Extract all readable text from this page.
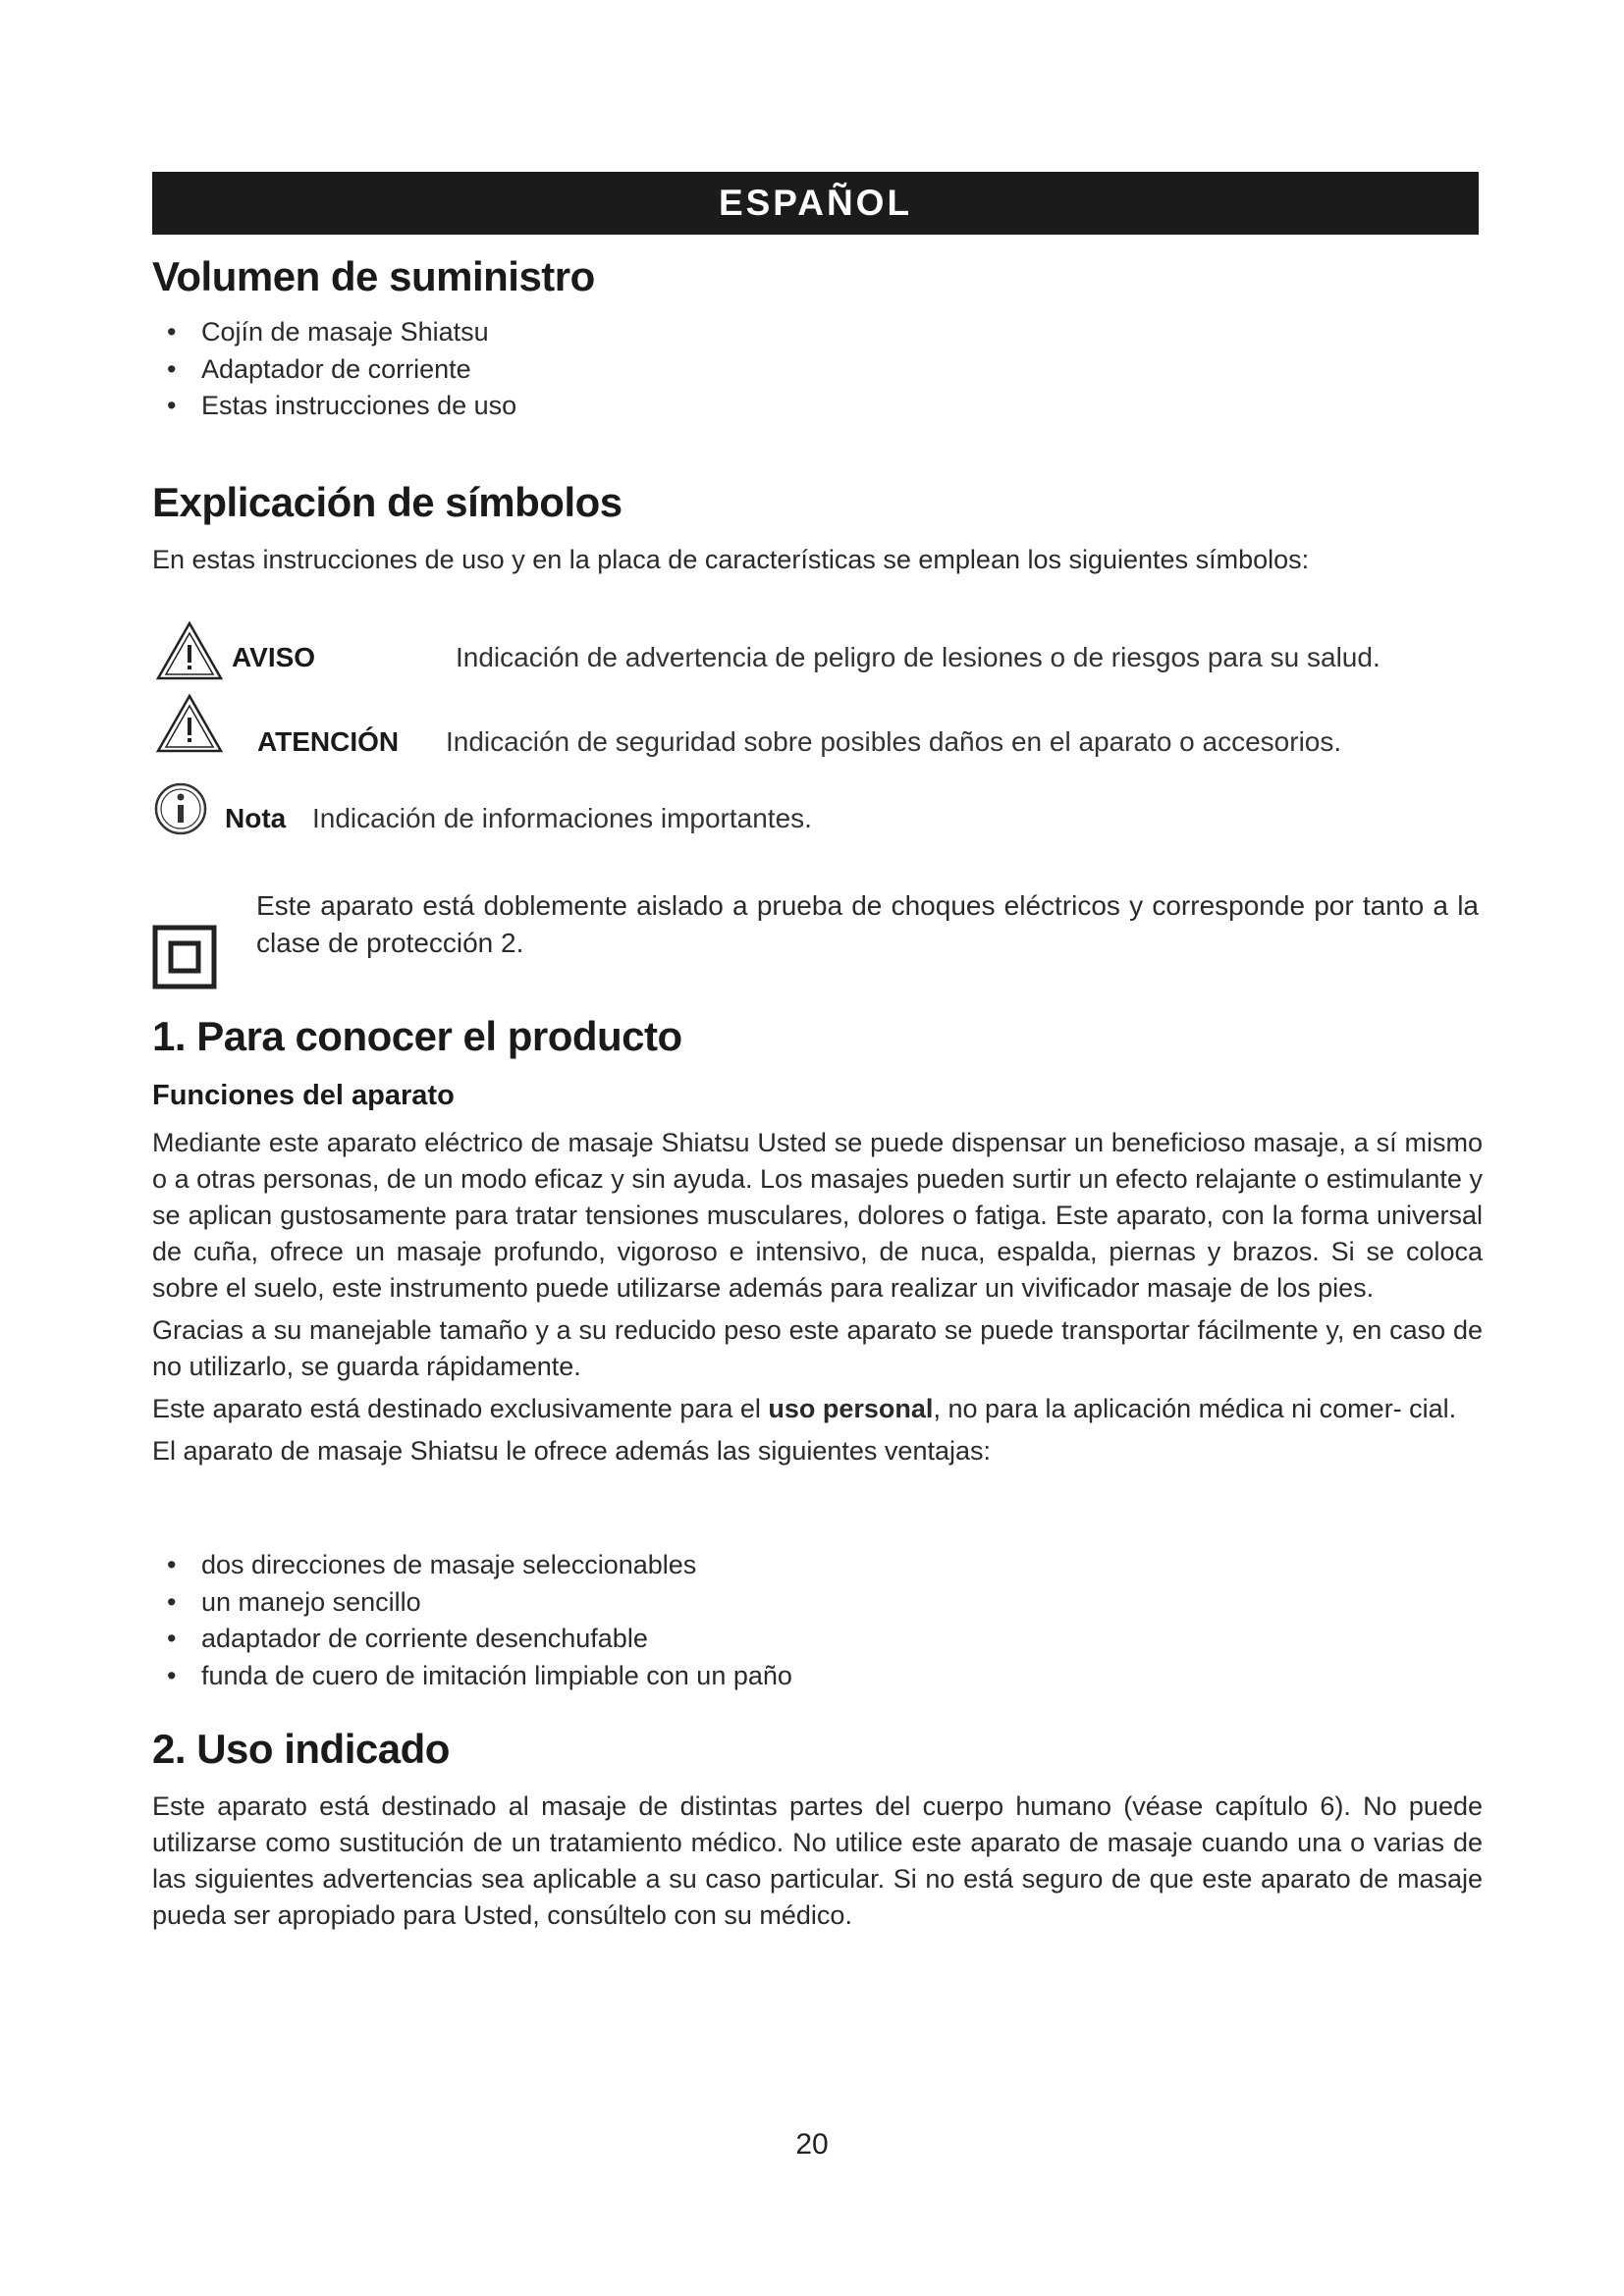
ESPAÑOL
Volumen de suministro
• Cojín de masaje Shiatsu
• Adaptador de corriente
• Estas instrucciones de uso
Explicación de símbolos
En estas instrucciones de uso y en la placa de características se emplean los siguientes símbolos:
AVISO	Indicación de advertencia de peligro de lesiones o de riesgos para su salud.
ATENCIÓN Indicación de seguridad sobre posibles daños en el aparato o accesorios.
Nota Indicación de informaciones importantes.
Este aparato está doblemente aislado a prueba de choques eléctricos y corresponde por tanto a la clase de protección 2.
1. Para conocer el producto
Funciones del aparato

Mediante este aparato eléctrico de masaje Shiatsu Usted se puede dispensar un beneficioso masaje, a sí mismo o a otras personas, de un modo eficaz y sin ayuda. Los masajes pueden surtir un efecto relajante o estimulante y se aplican gustosamente para tratar tensiones musculares, dolores o fatiga. Este aparato, con la forma universal de cuña, ofrece un masaje profundo, vigoroso e intensivo, de nuca, espalda, piernas y brazos. Si se coloca sobre el suelo, este instrumento puede utilizarse además para realizar un vivificador masaje de los pies.

Gracias a su manejable tamaño y a su reducido peso este aparato se puede transportar fácilmente y, en caso de no utilizarlo, se guarda rápidamente.

Este aparato está destinado exclusivamente para el uso personal, no para la aplicación médica ni comer- cial.

El aparato de masaje Shiatsu le ofrece además las siguientes ventajas:

• dos direcciones de masaje seleccionables
• un manejo sencillo
• adaptador de corriente desenchufable
• funda de cuero de imitación limpiable con un paño
2. Uso indicado
Este aparato está destinado al masaje de distintas partes del cuerpo humano (véase capítulo 6). No puede utilizarse como sustitución de un tratamiento médico. No utilice este aparato de masaje cuando una o varias de las siguientes advertencias sea aplicable a su caso particular. Si no está seguro de que este aparato de masaje pueda ser apropiado para Usted, consúltelo con su médico.
20
